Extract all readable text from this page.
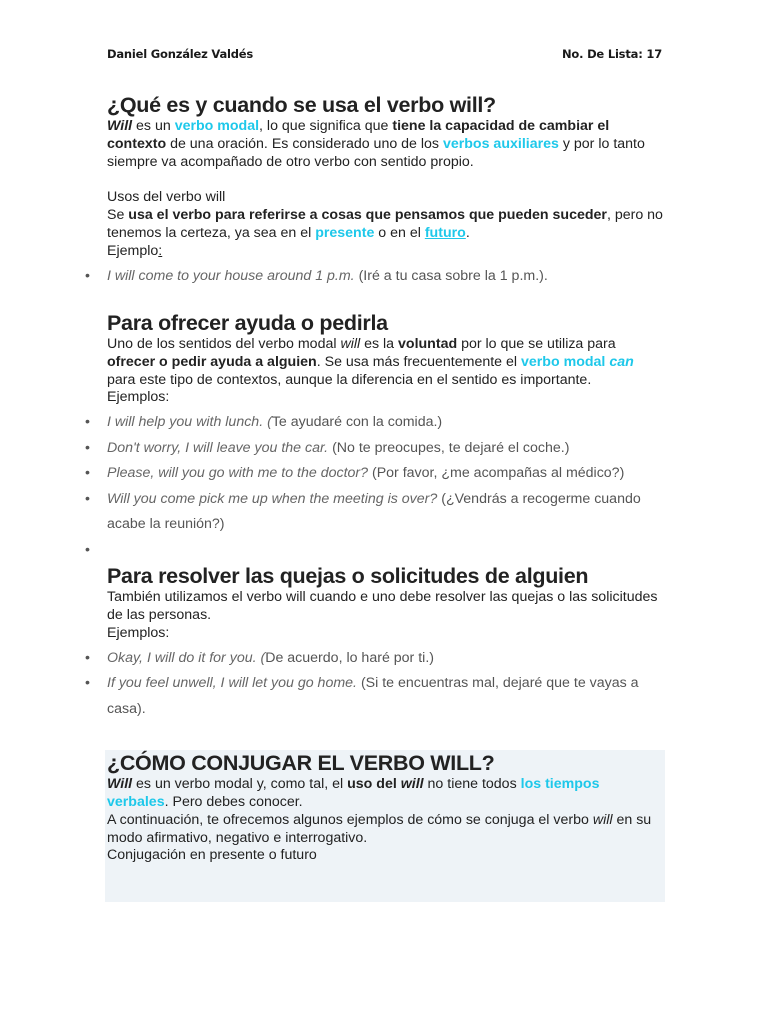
Daniel González Valdés	No. De Lista: 17
¿Qué es y cuando se usa el verbo will?

Will es un verbo modal, lo que significa que tiene la capacidad de cambiar el contexto de una oración. Es considerado uno de los verbos auxiliares y por lo tanto siempre va acompañado de otro verbo con sentido propio.

Usos del verbo will

Se usa el verbo para referirse a cosas que pensamos que pueden suceder, pero no tenemos la certeza, ya sea en el presente o en el futuro.

Ejemplo:

• I will come to your house around 1 p.m. (Iré a tu casa sobre la 1 p.m.).
Para ofrecer ayuda o pedirla

Uno de los sentidos del verbo modal will es la voluntad por lo que se utiliza para ofrecer o pedir ayuda a alguien. Se usa más frecuentemente el verbo modal can para este tipo de contextos, aunque la diferencia en el sentido es importante.

Ejemplos:

• I will help you with lunch. (Te ayudaré con la comida.)
• Don't worry, I will leave you the car. (No te preocupes, te dejaré el coche.)
• Please, will you go with me to the doctor? (Por favor, ¿me acompañas al médico?)
• Will you come pick me up when the meeting is over? (¿Vendrás a recogerme cuando acabe la reunión?)
•

Para resolver las quejas o solicitudes de alguien

También utilizamos el verbo will cuando e uno debe resolver las quejas o las solicitudes de las personas.

Ejemplos:

• Okay, I will do it for you. (De acuerdo, lo haré por ti.)
• If you feel unwell, I will let you go home. (Si te encuentras mal, dejaré que te vayas a casa).
¿CÓMO CONJUGAR EL VERBO WILL?

Will es un verbo modal y, como tal, el uso del will no tiene todos los tiempos verbales. Pero debes conocer.

A continuación, te ofrecemos algunos ejemplos de cómo se conjuga el verbo will en su modo afirmativo, negativo e interrogativo.

Conjugación en presente o futuro
